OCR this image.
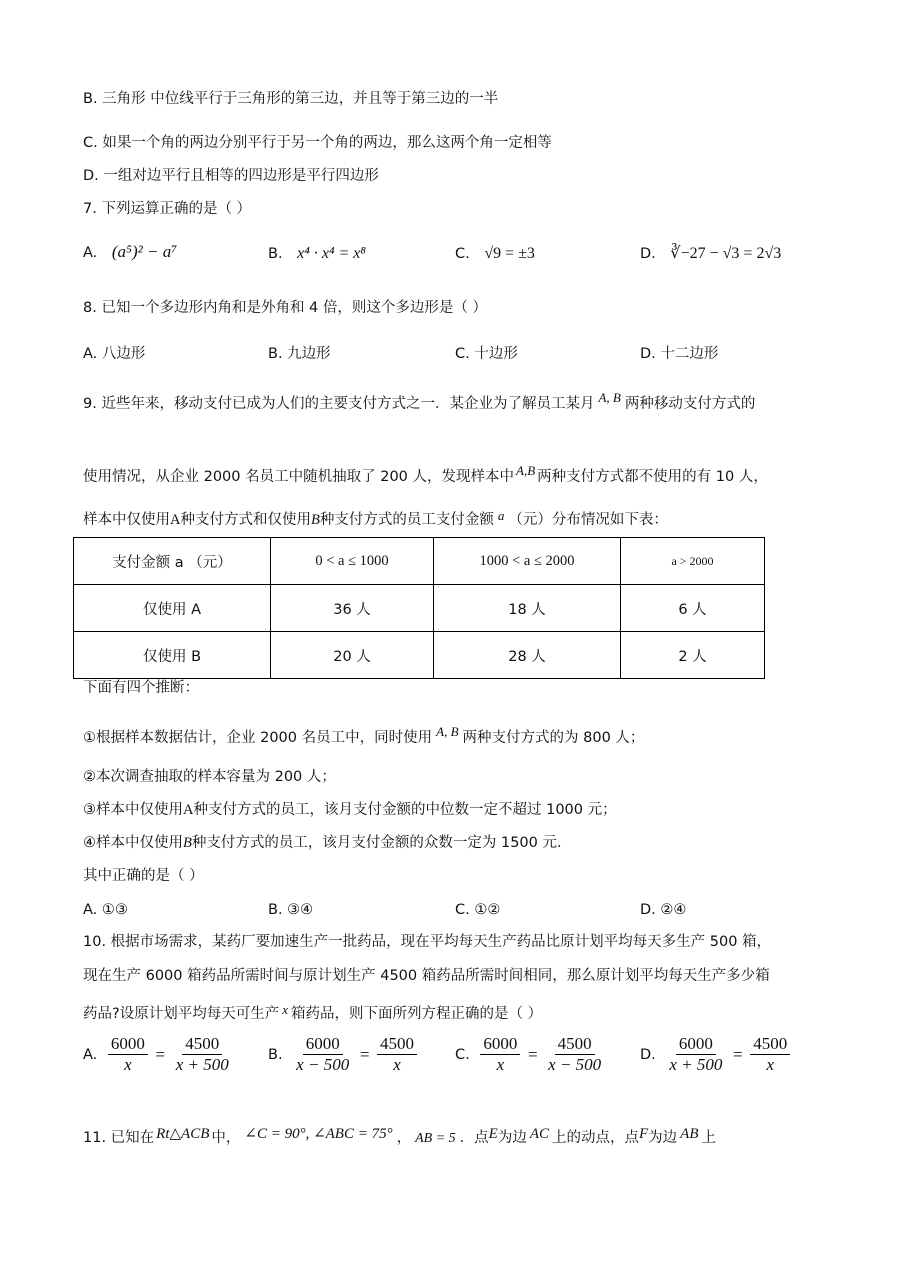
B. 三角形 中位线平行于三角形的第三边，并且等于第三边的一半
C. 如果一个角的两边分别平行于另一个角的两边，那么这两个角一定相等
D. 一组对边平行且相等的四边形是平行四边形
7. 下列运算正确的是（ ）
A. (a⁵)² − a⁷	B. x⁴ · x⁴ = x⁸	C. √9 = ±3	D. ∛−27 − √3 = 2√3
8. 已知一个多边形内角和是外角和 4 倍，则这个多边形是（ ）
A. 八边形	B. 九边形	C. 十边形	D. 十二边形
9. 近些年来，移动支付已成为人们的主要支付方式之一．某企业为了解员工某月 A, B 两种移动支付方式的
使用情况，从企业 2000 名员工中随机抽取了 200 人，发现样本中 A,B 两种支付方式都不使用的有 10 人，
样本中仅使用A种支付方式和仅使用B种支付方式的员工支付金额 a （元）分布情况如下表：
支付金额 a （元）	0 < a ≤ 1000	1000 < a ≤ 2000	a > 2000
仅使用 A	36 人	18 人	6 人
仅使用 B	20 人	28 人	2 人
下面有四个推断：
①根据样本数据估计，企业 2000 名员工中，同时使用 A, B 两种支付方式的为 800 人；
②本次调查抽取的样本容量为 200 人；
③样本中仅使用A种支付方式的员工，该月支付金额的中位数一定不超过 1000 元；
④样本中仅使用B种支付方式的员工，该月支付金额的众数一定为 1500 元．
其中正确的是（ ）
A. ①③	B. ③④	C. ①②	D. ②④
10. 根据市场需求，某药厂要加速生产一批药品，现在平均每天生产药品比原计划平均每天多生产 500 箱，
现在生产 6000 箱药品所需时间与原计划生产 4500 箱药品所需时间相同，那么原计划平均每天生产多少箱
药品?设原计划平均每天可生产 x 箱药品，则下面所列方程正确的是（ ）
A. $\frac{6000}{x} = \frac{4500}{x + 500}$	B. $\frac{6000}{x - 500} = \frac{4500}{x}$	C. $\frac{6000}{x} = \frac{4500}{x - 500} D$. $\frac{6000}{x + 500} = \frac{4500}{x}$
11. 已知在 Rt△ACB 中， ∠C = 90°, ∠ABC = 75° ， AB = 5 ．点E为边 AC 上的动点，点F为边 AB 上
